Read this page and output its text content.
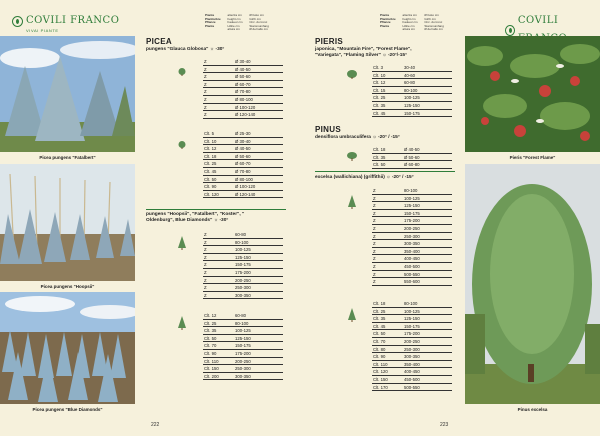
COVILI FRANCO
VIVAI PIANTE
Pianta
Plant/arbre
Pflanze
Planta

altezza cm
height cm
hauteur cm
Höhe cm
altura cm

Ø fusto cm
Girth cm
Circ. du tronc
Stammumfang
Ø del tallo cm
Picea pungens "Fatalbert"
Picea pungens "Hoopsii"
Picea pungens "Blue Diamonds"
222
PICEA
pungens "Glauca Globosa" ☼ -30°
Z	Ø 30-40
Z	Ø 40-50
Z	Ø 50-60
Z	Ø 60-70
Z	Ø 70-80
Z	Ø 80-100
Z	Ø 100-120
Z	Ø 120-140
Clt. 5	Ø 25-30
Clt. 10	Ø 30-40
Clt. 12	Ø 40-50
Clt. 18	Ø 50-60
Clt. 25	Ø 60-70
Clt. 45	Ø 70-80
Clt. 50	Ø 80-100
Clt. 90	Ø 100-120
Clt. 120	Ø 120-140
pungens "Hoopsii", "Fatalbert", "Koster", "
Oldenburg", Blue Diamonds" ☼ -30°
Z	60-80
Z	80-100
Z	100-125
Z	125-150
Z	150-175
Z	175-200
Z	200-250
Z	250-300
Z	300-350
Clt. 12	60-80
Clt. 25	80-100
Clt. 35	100-125
Clt. 50	125-150
Clt. 70	150-175
Clt. 90	175-200
Clt. 110	200-250
Clt. 150	250-300
Clt. 200	300-350
Pianta
Plant/arbre
Pflanze
Planta

altezza cm
height cm
hauteur cm
Höhe cm
altura cm

Ø fusto cm
Girth cm
Circ. du tronc
Stammumfang
Ø del tallo cm
COVILI
Pieris "Forest Flame"
Pinus excelsa
223
PIERIS
japonica, "Mountain Fire", "Forest Flame",
"Variegata", "Flaming Silver" ☼ -20°/-15°
Clt. 3	30-40
Clt. 10	40-60
Clt. 12	60-80
Clt. 15	80-100
Clt. 25	100-125
Clt. 35	125-150
Clt. 45	150-175
PINUS
densiflora umbraculifera ☼ -20° / -15°
Clt. 18	Ø 40-50
Clt. 35	Ø 50-60
Clt. 50	Ø 60-80
excelsa (wallichiana) (griffithii) ☼ -20° / -15°
Z	80-100
Z	100-125
Z	125-150
Z	150-175
Z	175-200
Z	200-250
Z	250-300
Z	300-350
Z	350-400
Z	400-450
Z	450-500
Z	500-550
Z	550-600
Clt. 18	80-100
Clt. 25	100-125
Clt. 35	125-150
Clt. 45	150-175
Clt. 50	175-200
Clt. 70	200-250
Clt. 80	250-300
Clt. 90	300-350
Clt. 110	350-400
Clt. 120	400-450
Clt. 150	450-500
Clt. 170	500-550
